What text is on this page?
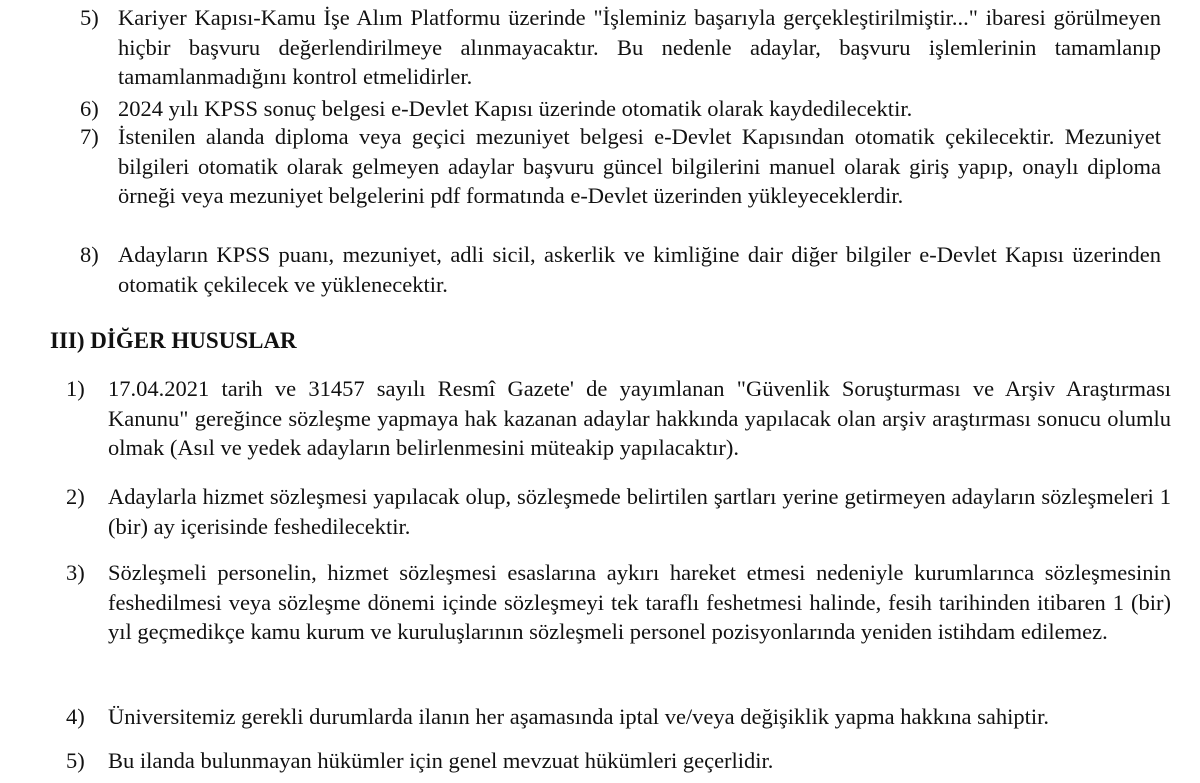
5) Kariyer Kapısı-Kamu İşe Alım Platformu üzerinde "İşleminiz başarıyla gerçekleştirilmiştir..." ibaresi görülmeyen hiçbir başvuru değerlendirilmeye alınmayacaktır. Bu nedenle adaylar, başvuru işlemlerinin tamamlanıp tamamlanmadığını kontrol etmelidirler.
6) 2024 yılı KPSS sonuç belgesi e-Devlet Kapısı üzerinde otomatik olarak kaydedilecektir.
7) İstenilen alanda diploma veya geçici mezuniyet belgesi e-Devlet Kapısından otomatik çekilecektir. Mezuniyet bilgileri otomatik olarak gelmeyen adaylar başvuru güncel bilgilerini manuel olarak giriş yapıp, onaylı diploma örneği veya mezuniyet belgelerini pdf formatında e-Devlet üzerinden yükleyeceklerdir.
8) Adayların KPSS puanı, mezuniyet, adli sicil, askerlik ve kimliğine dair diğer bilgiler e-Devlet Kapısı üzerinden otomatik çekilecek ve yüklenecektir.
III) DİĞER HUSUSLAR
1)	17.04.2021 tarih ve 31457 sayılı Resmî Gazete' de yayımlanan "Güvenlik Soruşturması ve Arşiv Araştırması Kanunu" gereğince sözleşme yapmaya hak kazanan adaylar hakkında yapılacak olan arşiv araştırması sonucu olumlu olmak (Asıl ve yedek adayların belirlenmesini müteakip yapılacaktır).
2)	Adaylarla hizmet sözleşmesi yapılacak olup, sözleşmede belirtilen şartları yerine getirmeyen adayların sözleşmeleri 1 (bir) ay içerisinde feshedilecektir.
3)	Sözleşmeli personelin, hizmet sözleşmesi esaslarına aykırı hareket etmesi nedeniyle kurumlarınca sözleşmesinin feshedilmesi veya sözleşme dönemi içinde sözleşmeyi tek taraflı feshetmesi halinde, fesih tarihinden itibaren 1 (bir) yıl geçmedikçe kamu kurum ve kuruluşlarının sözleşmeli personel pozisyonlarında yeniden istihdam edilemez.
4)	Üniversitemiz gerekli durumlarda ilanın her aşamasında iptal ve/veya değişiklik yapma hakkına sahiptir.
5)	Bu ilanda bulunmayan hükümler için genel mevzuat hükümleri geçerlidir.
